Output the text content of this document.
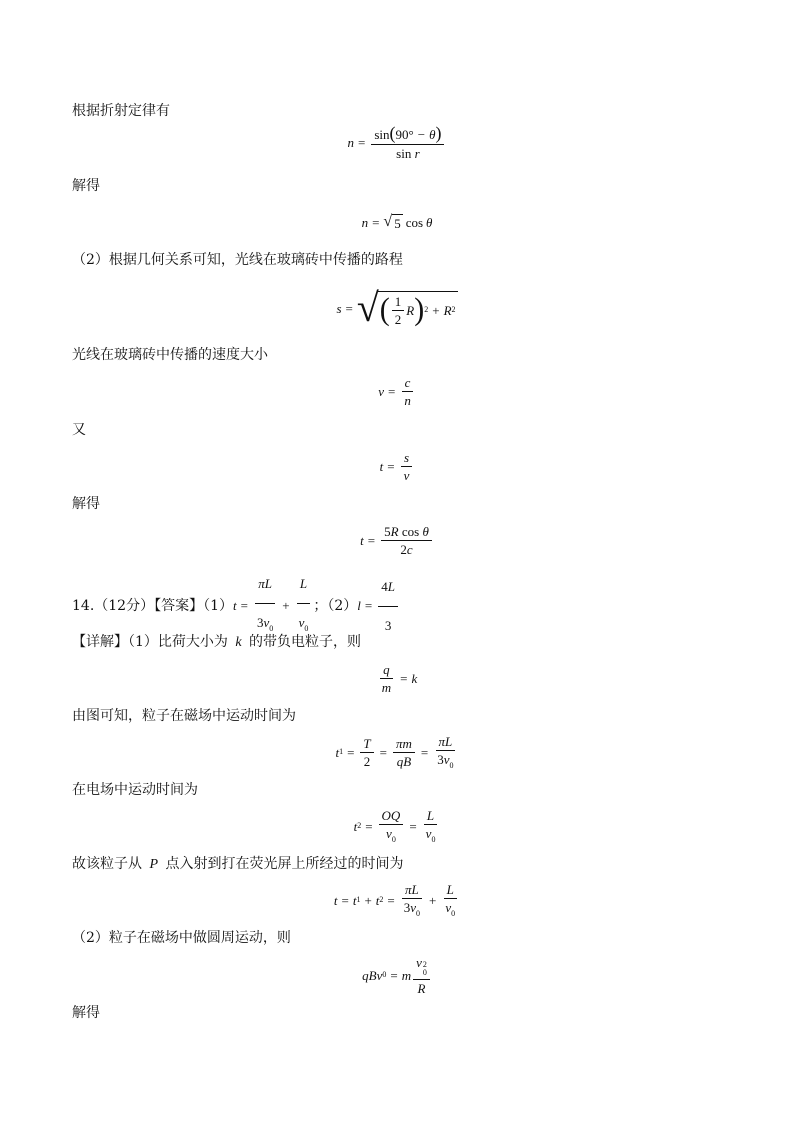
根据折射定律有
$n = \frac{\sin(90^\circ - \theta)}{\text{sin r}}$
解得
n = √ 5 cos θ
（2）根据几何关系可知，光线在玻璃砖中传播的路程
s = √ ( $\frac{1}{2}$ R ) 2 + R 2
光线在玻璃砖中传播的速度大小
$v = \frac{c}{n}$
又
$t = \frac{s}{v}$
解得
$t = \frac{\text{5R cos θ}}{2c}$
14.（12分）【答案】（1） $t = \frac{\pi L}{3v_0} + \frac{L}{v_0}$ ；（2） $l = \frac{4L}{3}$
【详解】（1）比荷大小为 k 的带负电粒子，则
$\frac{q}{m} = k$
由图可知，粒子在磁场中运动时间为
t $1 = \frac{T}{2} = \frac{\pi m}{qB} = \frac{\pi L}{3v_0}$
在电场中运动时间为
t $2 = \frac{OQ}{v_0} = \frac{L}{v_0}$
故该粒子从 P 点入射到打在荧光屏上所经过的时间为
t = t 1 + t $2 = \frac{\pi L}{3v_0} + \frac{L}{v_0}$
（2）粒子在磁场中做圆周运动，则
qBv 0 = m v 2
0
R
解得
